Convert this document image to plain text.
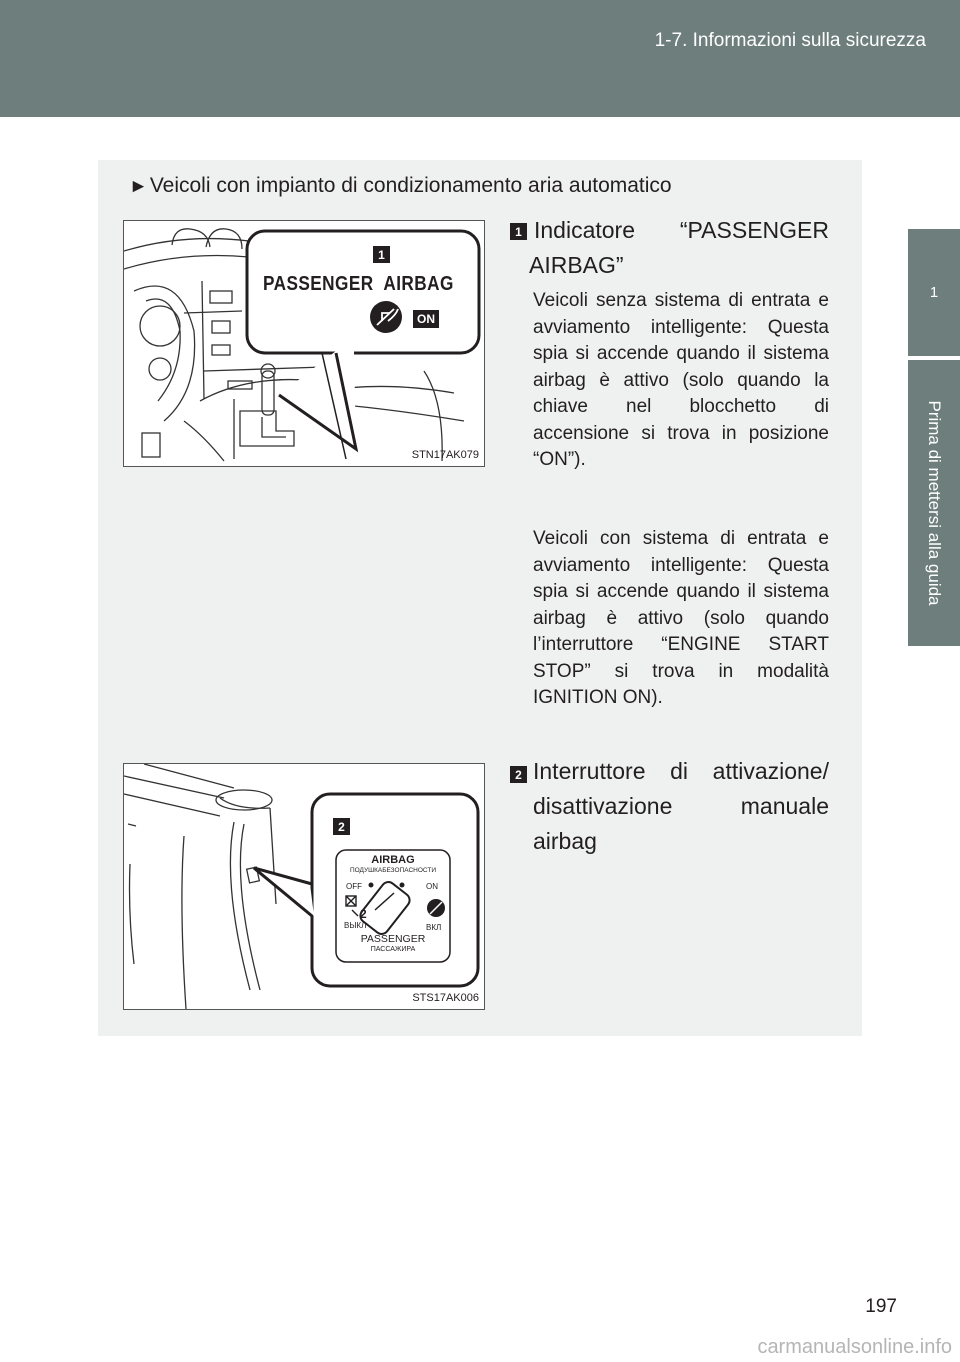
1-7. Informazioni sulla sicurezza
1
Prima di mettersi alla guida
►Veicoli con impianto di condizionamento aria automatico
1
PASSENGER  AIRBAG
ON
STN17AK079
2
2
AIRBAG
ПОДУШКАБЕЗОПАСНОСТИ
OFF	ON
ВЫКЛ	ВКЛ
PASSENGER
ПАССАЖИРА
STS17AK006
1 Indicatore “PASSENGER AIRBAG”
Veicoli senza sistema di entrata e avviamento intelligente: Questa spia si accende quando il sistema airbag è attivo (solo quando la chiave nel blocchetto di accensione si trova in posizione “ON”).
Veicoli con sistema di entrata e avviamento intelligente: Questa spia si accende quando il sistema airbag è attivo (solo quando l’interruttore “ENGINE START STOP” si trova in modalità IGNITION ON).
2 Interruttore di attivazione/ disattivazione manuale airbag
197
carmanualsonline.info
